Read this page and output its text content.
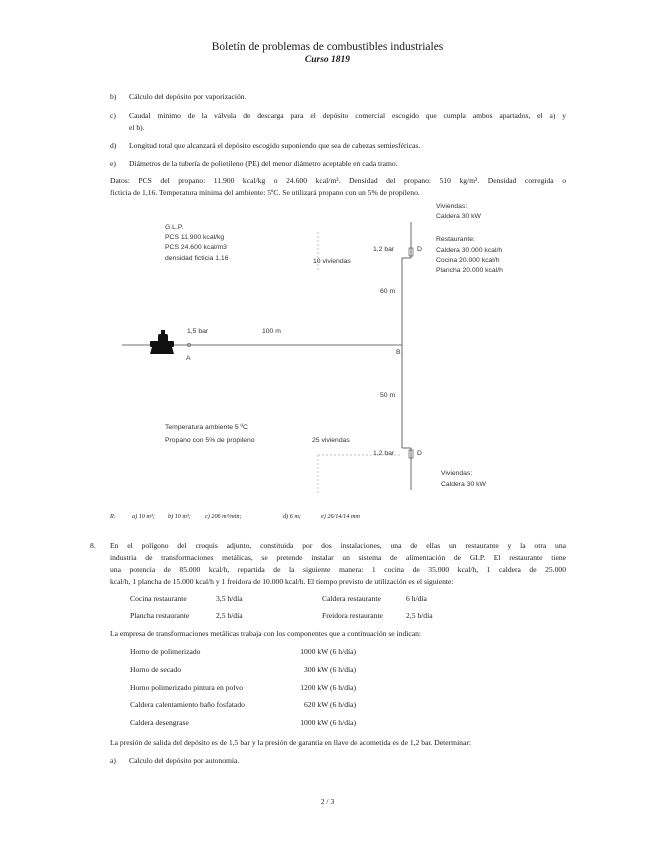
Boletín de problemas de combustibles industriales
Curso 1819
b) Cálculo del depósito por vaporización.
c) Caudal mínimo de la válvula de descarga para el depósito comercial escogido que cumpla ambos apartados, el a) y
el b).
d) Longitud total que alcanzará el depósito escogido suponiendo que sea de cabezas semiesféricas.
e) Diámetros de la tubería de polietileno (PE) del menor diámetro aceptable en cada tramo.
Datos: PCS del propano: 11.900 kcal/kg o 24.600 kcal/m³. Densidad del propano: 510 kg/m³. Densidad corregida o
ficticia de 1,16. Temperatura mínima del ambiente: 5ºC. Se utilizará propano con un 5% de propileno.
G.L.P.
PCS 11.900 kcal/kg
PCS 24.600 kcal/m3
densidad ficticia 1,16
Viviendas:
Caldera 30 kW
Restaurante:
Caldera 30.000 kcal/h
Cocina 20.000 kcal/h
Plancha 20.000 kcal/h
10 viviendas
1,2 bar	D
60 m
1,5 bar	100 m
A
B
50 m
Temperatura ambiente 5 ºC
Propano con 5% de propileno	25 viviendas
1,2 bar	D
Viviendas:
Caldera 30 kW
R:	a) 10 m³; b) 10 m³; c) 206 m³/min;	d) 6 m;	e) 26/14/14 mm
8. En el polígono del croquis adjunto, constituida por dos instalaciones, una de ellas un restaurante y la otra una
industria de transformaciones metálicas, se pretende instalar un sistema de alimentación de GLP. El restaurante tiene
una potencia de 85.000 kcal/h, repartida de la siguiente manera: 1 cocina de 35.000 kcal/h, 1 caldera de 25.000
kcal/h, 1 plancha de 15.000 kcal/h y 1 freidora de 10.000 kcal/h. El tiempo previsto de utilización es el siguiente:
Cocina restaurante	3,5 h/día	Caldera restaurante	6 h/día
Plancha restaurante	2,5 h/día	Freidora restaurante	2,5 h/día
La empresa de transformaciones metálicas trabaja con los componentes que a continuación se indican:
Horno de polimerizado	1000 kW (6 h/día)
Horno de secado	300 kW (6 h/día)
Horno polimerizado pintura en polvo	1200 kW (6 h/día)
Caldera calentamiento baño fosfatado	620 kW (6 h/día)
Caldera desengrase	1000 kW (6 h/día)
La presión de salida del depósito es de 1,5 bar y la presión de garantía en llave de acometida es de 1,2 bar. Determinar:
a) Calculo del depósito por autonomía.
2 / 3
